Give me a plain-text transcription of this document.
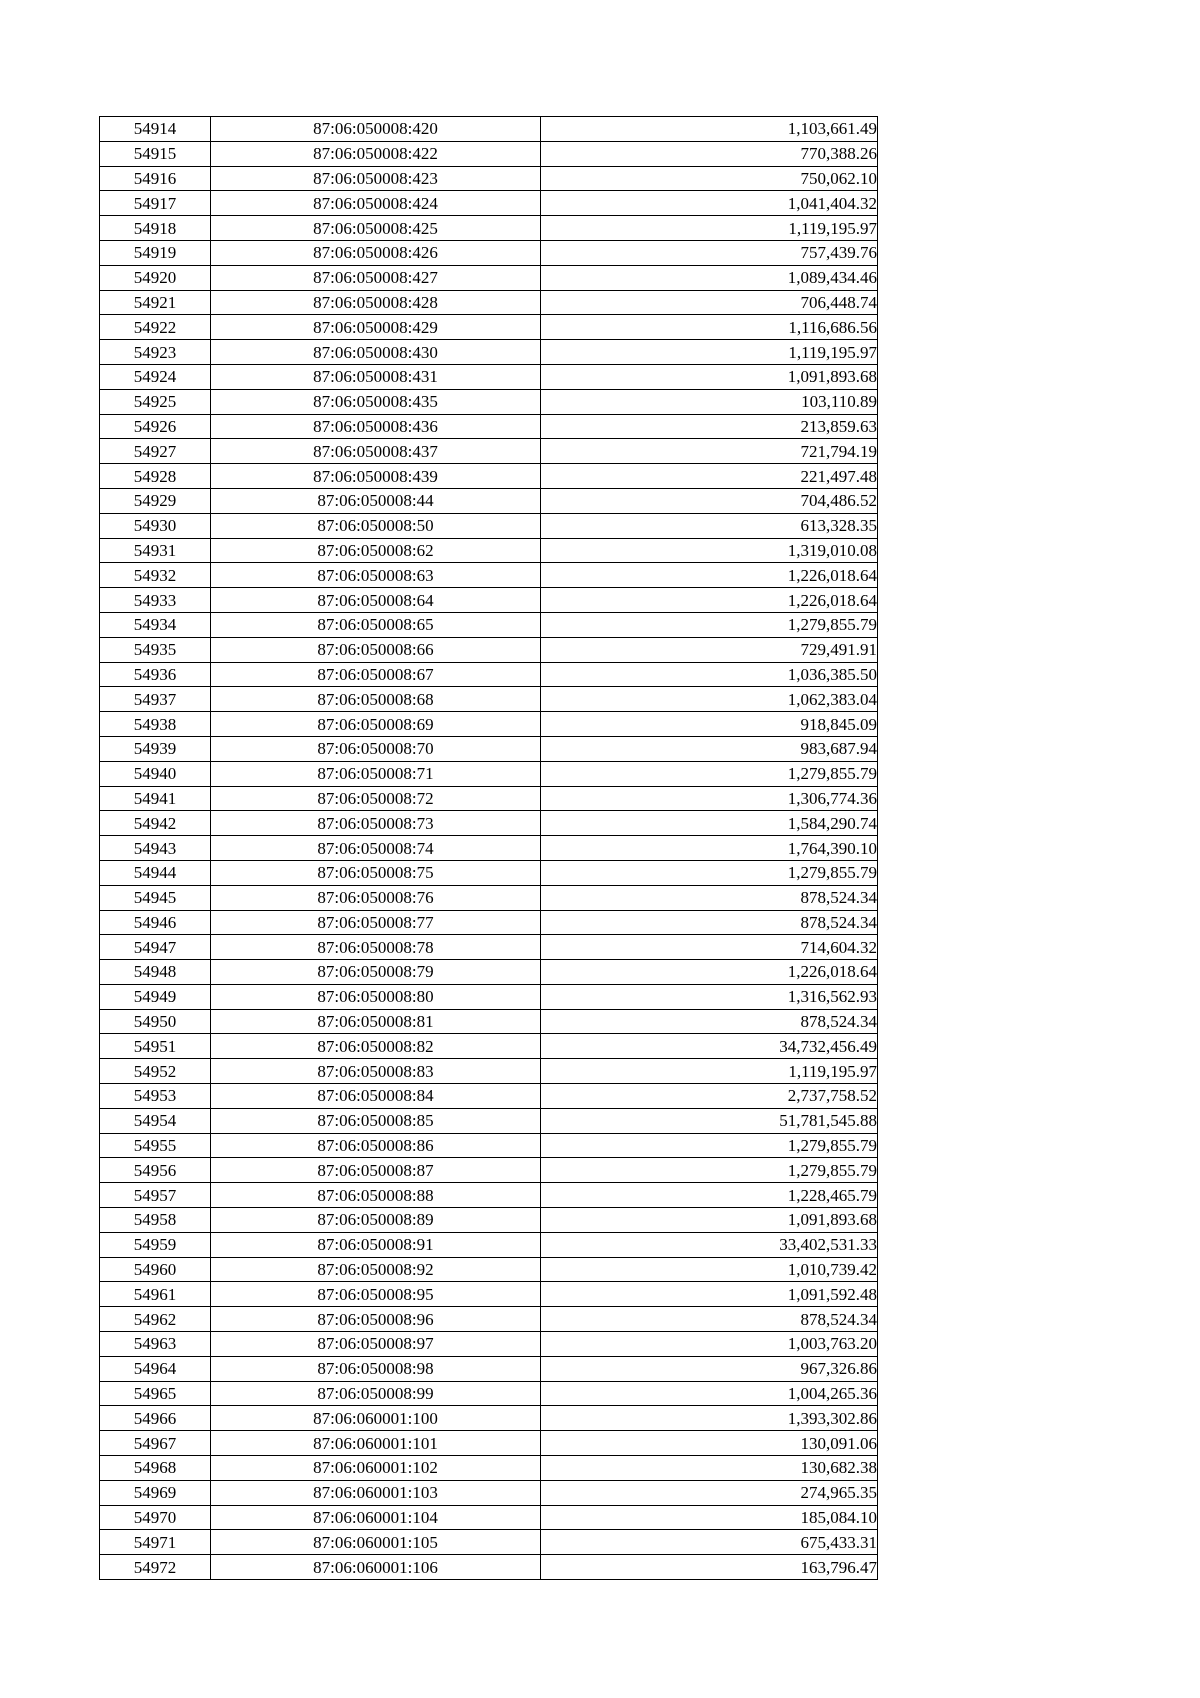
54914	87:06:050008:420	1,103,661.49
54915	87:06:050008:422	770,388.26
54916	87:06:050008:423	750,062.10
54917	87:06:050008:424	1,041,404.32
54918	87:06:050008:425	1,119,195.97
54919	87:06:050008:426	757,439.76
54920	87:06:050008:427	1,089,434.46
54921	87:06:050008:428	706,448.74
54922	87:06:050008:429	1,116,686.56
54923	87:06:050008:430	1,119,195.97
54924	87:06:050008:431	1,091,893.68
54925	87:06:050008:435	103,110.89
54926	87:06:050008:436	213,859.63
54927	87:06:050008:437	721,794.19
54928	87:06:050008:439	221,497.48
54929	87:06:050008:44	704,486.52
54930	87:06:050008:50	613,328.35
54931	87:06:050008:62	1,319,010.08
54932	87:06:050008:63	1,226,018.64
54933	87:06:050008:64	1,226,018.64
54934	87:06:050008:65	1,279,855.79
54935	87:06:050008:66	729,491.91
54936	87:06:050008:67	1,036,385.50
54937	87:06:050008:68	1,062,383.04
54938	87:06:050008:69	918,845.09
54939	87:06:050008:70	983,687.94
54940	87:06:050008:71	1,279,855.79
54941	87:06:050008:72	1,306,774.36
54942	87:06:050008:73	1,584,290.74
54943	87:06:050008:74	1,764,390.10
54944	87:06:050008:75	1,279,855.79
54945	87:06:050008:76	878,524.34
54946	87:06:050008:77	878,524.34
54947	87:06:050008:78	714,604.32
54948	87:06:050008:79	1,226,018.64
54949	87:06:050008:80	1,316,562.93
54950	87:06:050008:81	878,524.34
54951	87:06:050008:82	34,732,456.49
54952	87:06:050008:83	1,119,195.97
54953	87:06:050008:84	2,737,758.52
54954	87:06:050008:85	51,781,545.88
54955	87:06:050008:86	1,279,855.79
54956	87:06:050008:87	1,279,855.79
54957	87:06:050008:88	1,228,465.79
54958	87:06:050008:89	1,091,893.68
54959	87:06:050008:91	33,402,531.33
54960	87:06:050008:92	1,010,739.42
54961	87:06:050008:95	1,091,592.48
54962	87:06:050008:96	878,524.34
54963	87:06:050008:97	1,003,763.20
54964	87:06:050008:98	967,326.86
54965	87:06:050008:99	1,004,265.36
54966	87:06:060001:100	1,393,302.86
54967	87:06:060001:101	130,091.06
54968	87:06:060001:102	130,682.38
54969	87:06:060001:103	274,965.35
54970	87:06:060001:104	185,084.10
54971	87:06:060001:105	675,433.31
54972	87:06:060001:106	163,796.47
